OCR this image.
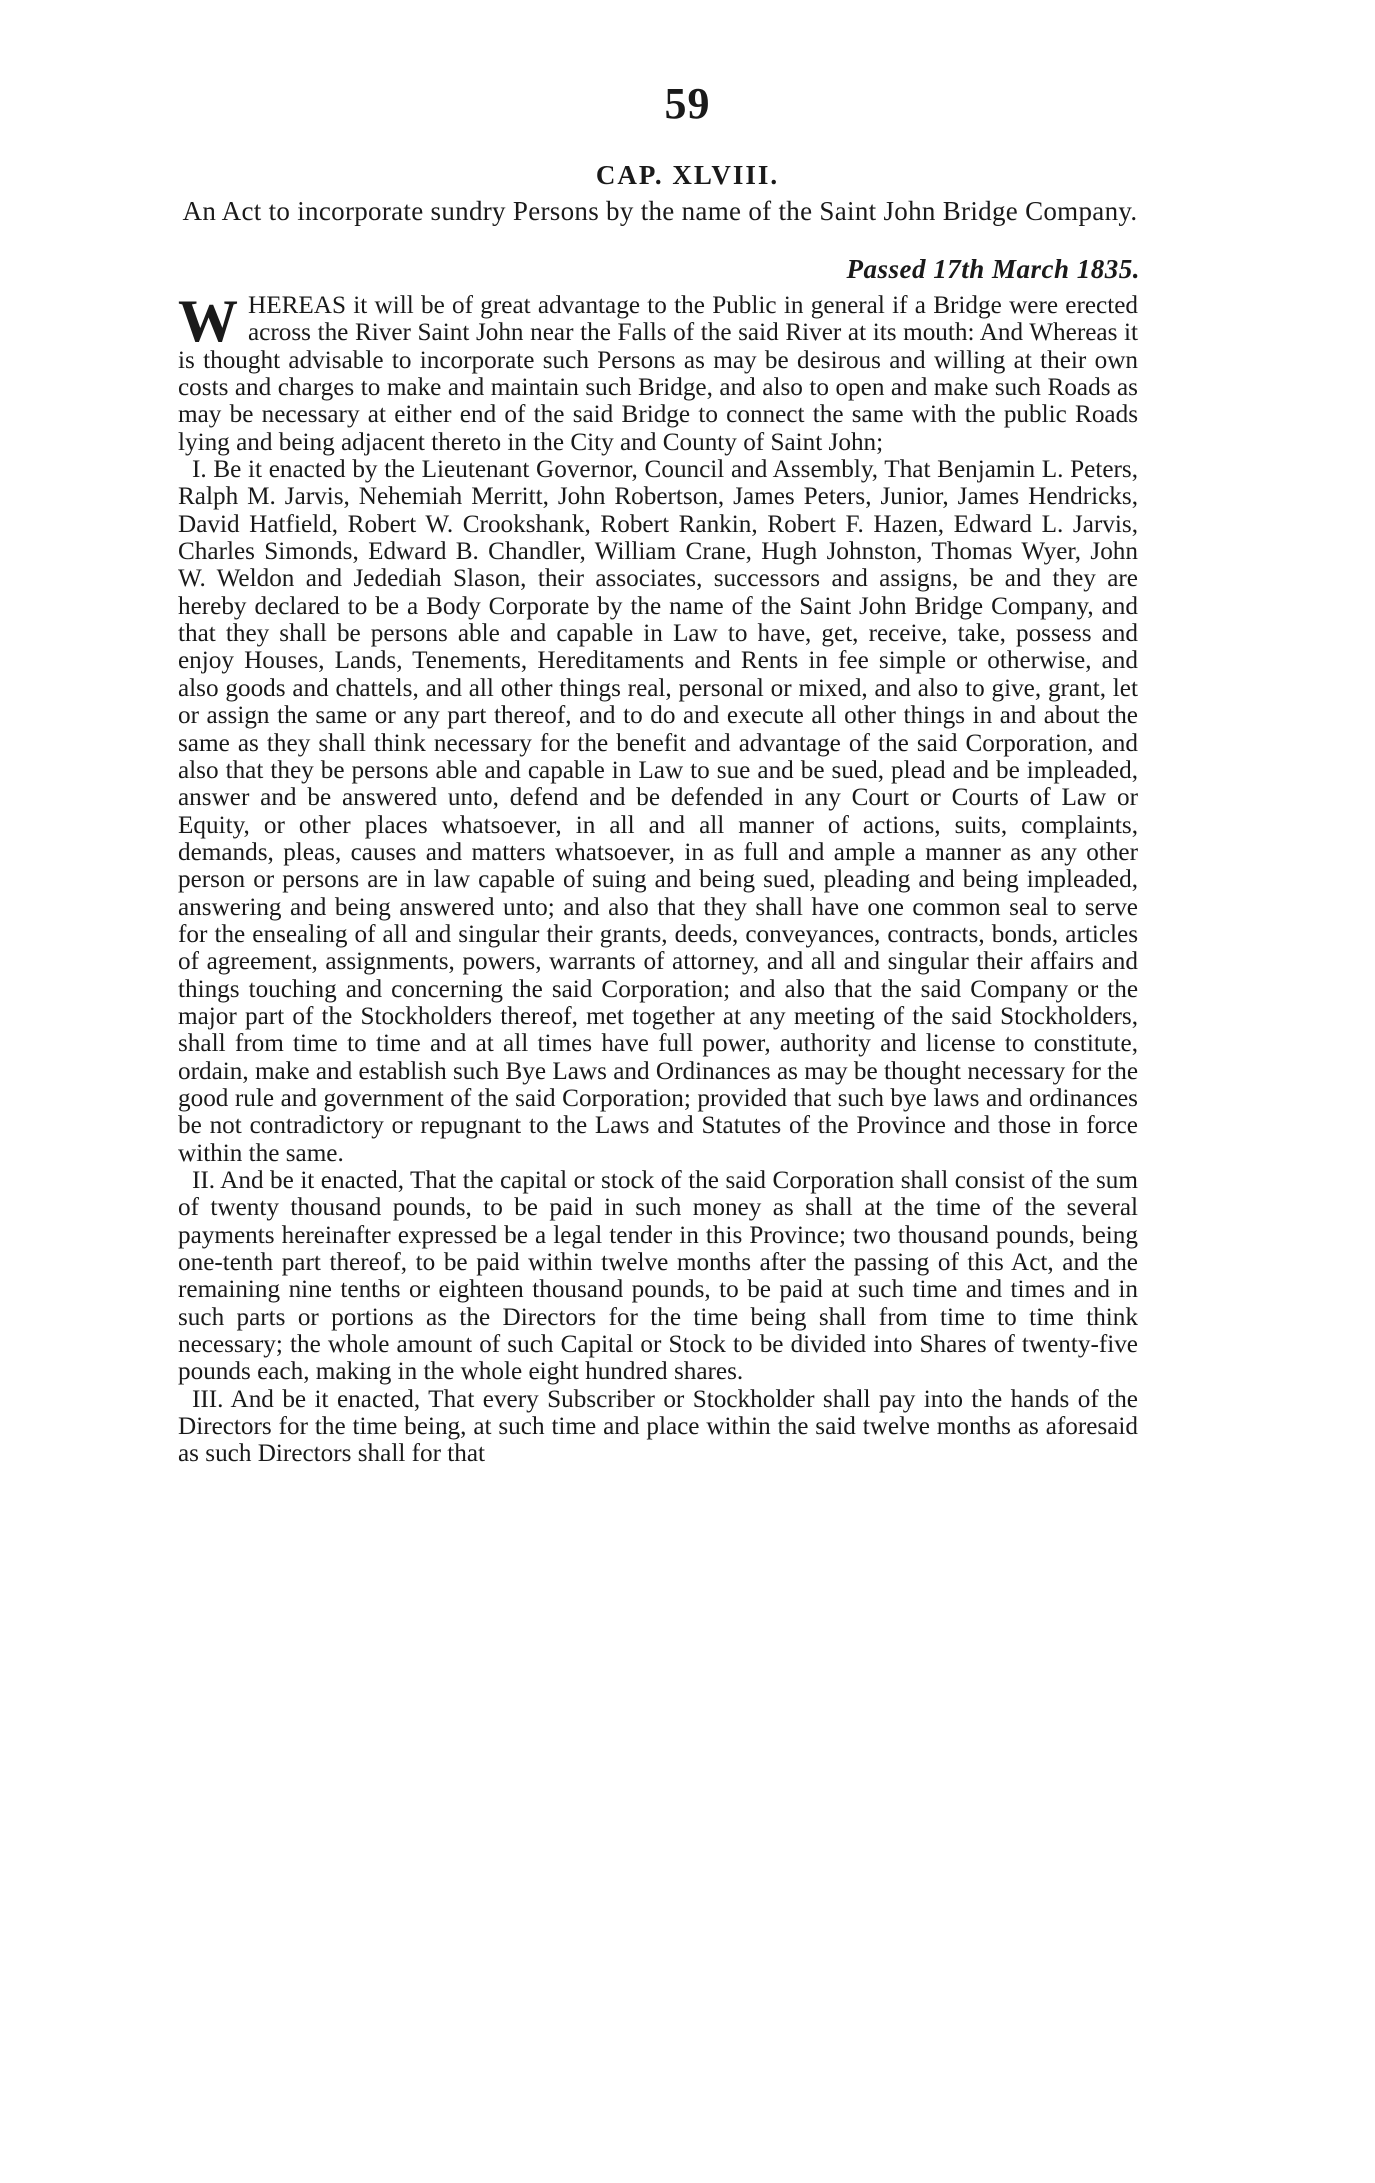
59
CAP. XLVIII.
An Act to incorporate sundry Persons by the name of the Saint John Bridge Company.
Passed 17th March 1835.

WHEREAS it will be of great advantage to the Public in general if a Bridge were erected across the River Saint John near the Falls of the said River at its mouth: And Whereas it is thought advisable to incorporate such Persons as may be desirous and willing at their own costs and charges to make and maintain such Bridge, and also to open and make such Roads as may be necessary at either end of the said Bridge to connect the same with the public Roads lying and being adjacent thereto in the City and County of Saint John;

I. Be it enacted by the Lieutenant Governor, Council and Assembly, That Benjamin L. Peters, Ralph M. Jarvis, Nehemiah Merritt, John Robertson, James Peters, Junior, James Hendricks, David Hatfield, Robert W. Crookshank, Robert Rankin, Robert F. Hazen, Edward L. Jarvis, Charles Simonds, Edward B. Chandler, William Crane, Hugh Johnston, Thomas Wyer, John W. Weldon and Jedediah Slason, their associates, successors and assigns, be and they are hereby declared to be a Body Corporate by the name of the Saint John Bridge Company, and that they shall be persons able and capable in Law to have, get, receive, take, possess and enjoy Houses, Lands, Tenements, Hereditaments and Rents in fee simple or otherwise, and also goods and chattels, and all other things real, personal or mixed, and also to give, grant, let or assign the same or any part thereof, and to do and execute all other things in and about the same as they shall think necessary for the benefit and advantage of the said Corporation, and also that they be persons able and capable in Law to sue and be sued, plead and be impleaded, answer and be answered unto, defend and be defended in any Court or Courts of Law or Equity, or other places whatsoever, in all and all manner of actions, suits, complaints, demands, pleas, causes and matters whatsoever, in as full and ample a manner as any other person or persons are in law capable of suing and being sued, pleading and being impleaded, answering and being answered unto; and also that they shall have one common seal to serve for the ensealing of all and singular their grants, deeds, conveyances, contracts, bonds, articles of agreement, assignments, powers, warrants of attorney, and all and singular their affairs and things touching and concerning the said Corporation; and also that the said Company or the major part of the Stockholders thereof, met together at any meeting of the said Stockholders, shall from time to time and at all times have full power, authority and license to constitute, ordain, make and establish such Bye Laws and Ordinances as may be thought necessary for the good rule and government of the said Corporation; provided that such bye laws and ordinances be not contradictory or repugnant to the Laws and Statutes of the Province and those in force within the same.

II. And be it enacted, That the capital or stock of the said Corporation shall consist of the sum of twenty thousand pounds, to be paid in such money as shall at the time of the several payments hereinafter expressed be a legal tender in this Province; two thousand pounds, being one-tenth part thereof, to be paid within twelve months after the passing of this Act, and the remaining nine tenths or eighteen thousand pounds, to be paid at such time and times and in such parts or portions as the Directors for the time being shall from time to time think necessary; the whole amount of such Capital or Stock to be divided into Shares of twenty-five pounds each, making in the whole eight hundred shares.

III. And be it enacted, That every Subscriber or Stockholder shall pay into the hands of the Directors for the time being, at such time and place within the said twelve months as aforesaid as such Directors shall for that
